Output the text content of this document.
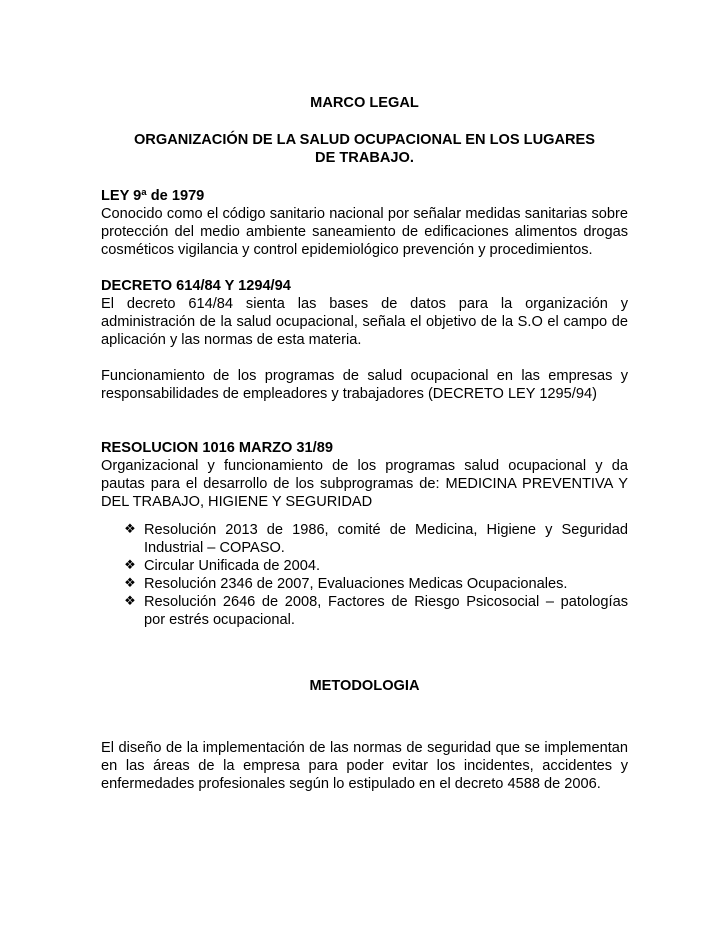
MARCO LEGAL

ORGANIZACIÓN DE LA SALUD OCUPACIONAL EN LOS LUGARES DE TRABAJO.

LEY 9ª de 1979

Conocido como el código sanitario nacional por señalar medidas sanitarias sobre protección del medio ambiente saneamiento de edificaciones alimentos drogas cosméticos vigilancia y control epidemiológico prevención y procedimientos.

DECRETO 614/84 Y 1294/94

El decreto 614/84 sienta las bases de datos para la organización y administración de la salud ocupacional, señala el objetivo de la S.O el campo de aplicación y las normas de esta materia.

Funcionamiento de los programas de salud ocupacional en las empresas y responsabilidades de empleadores y trabajadores (DECRETO LEY 1295/94)

RESOLUCION 1016 MARZO 31/89

Organizacional y funcionamiento de los programas salud ocupacional y da pautas para el desarrollo de los subprogramas de: MEDICINA PREVENTIVA Y DEL TRABAJO, HIGIENE Y SEGURIDAD

❖ Resolución 2013 de 1986, comité de Medicina, Higiene y Seguridad Industrial – COPASO.
❖ Circular Unificada de 2004.
❖ Resolución 2346 de 2007, Evaluaciones Medicas Ocupacionales.
❖ Resolución 2646 de 2008, Factores de Riesgo Psicosocial – patologías por estrés ocupacional.

METODOLOGIA

El diseño de la implementación de las normas de seguridad que se implementan en las áreas de la empresa para poder evitar los incidentes, accidentes y enfermedades profesionales según lo estipulado en el decreto 4588 de 2006.
